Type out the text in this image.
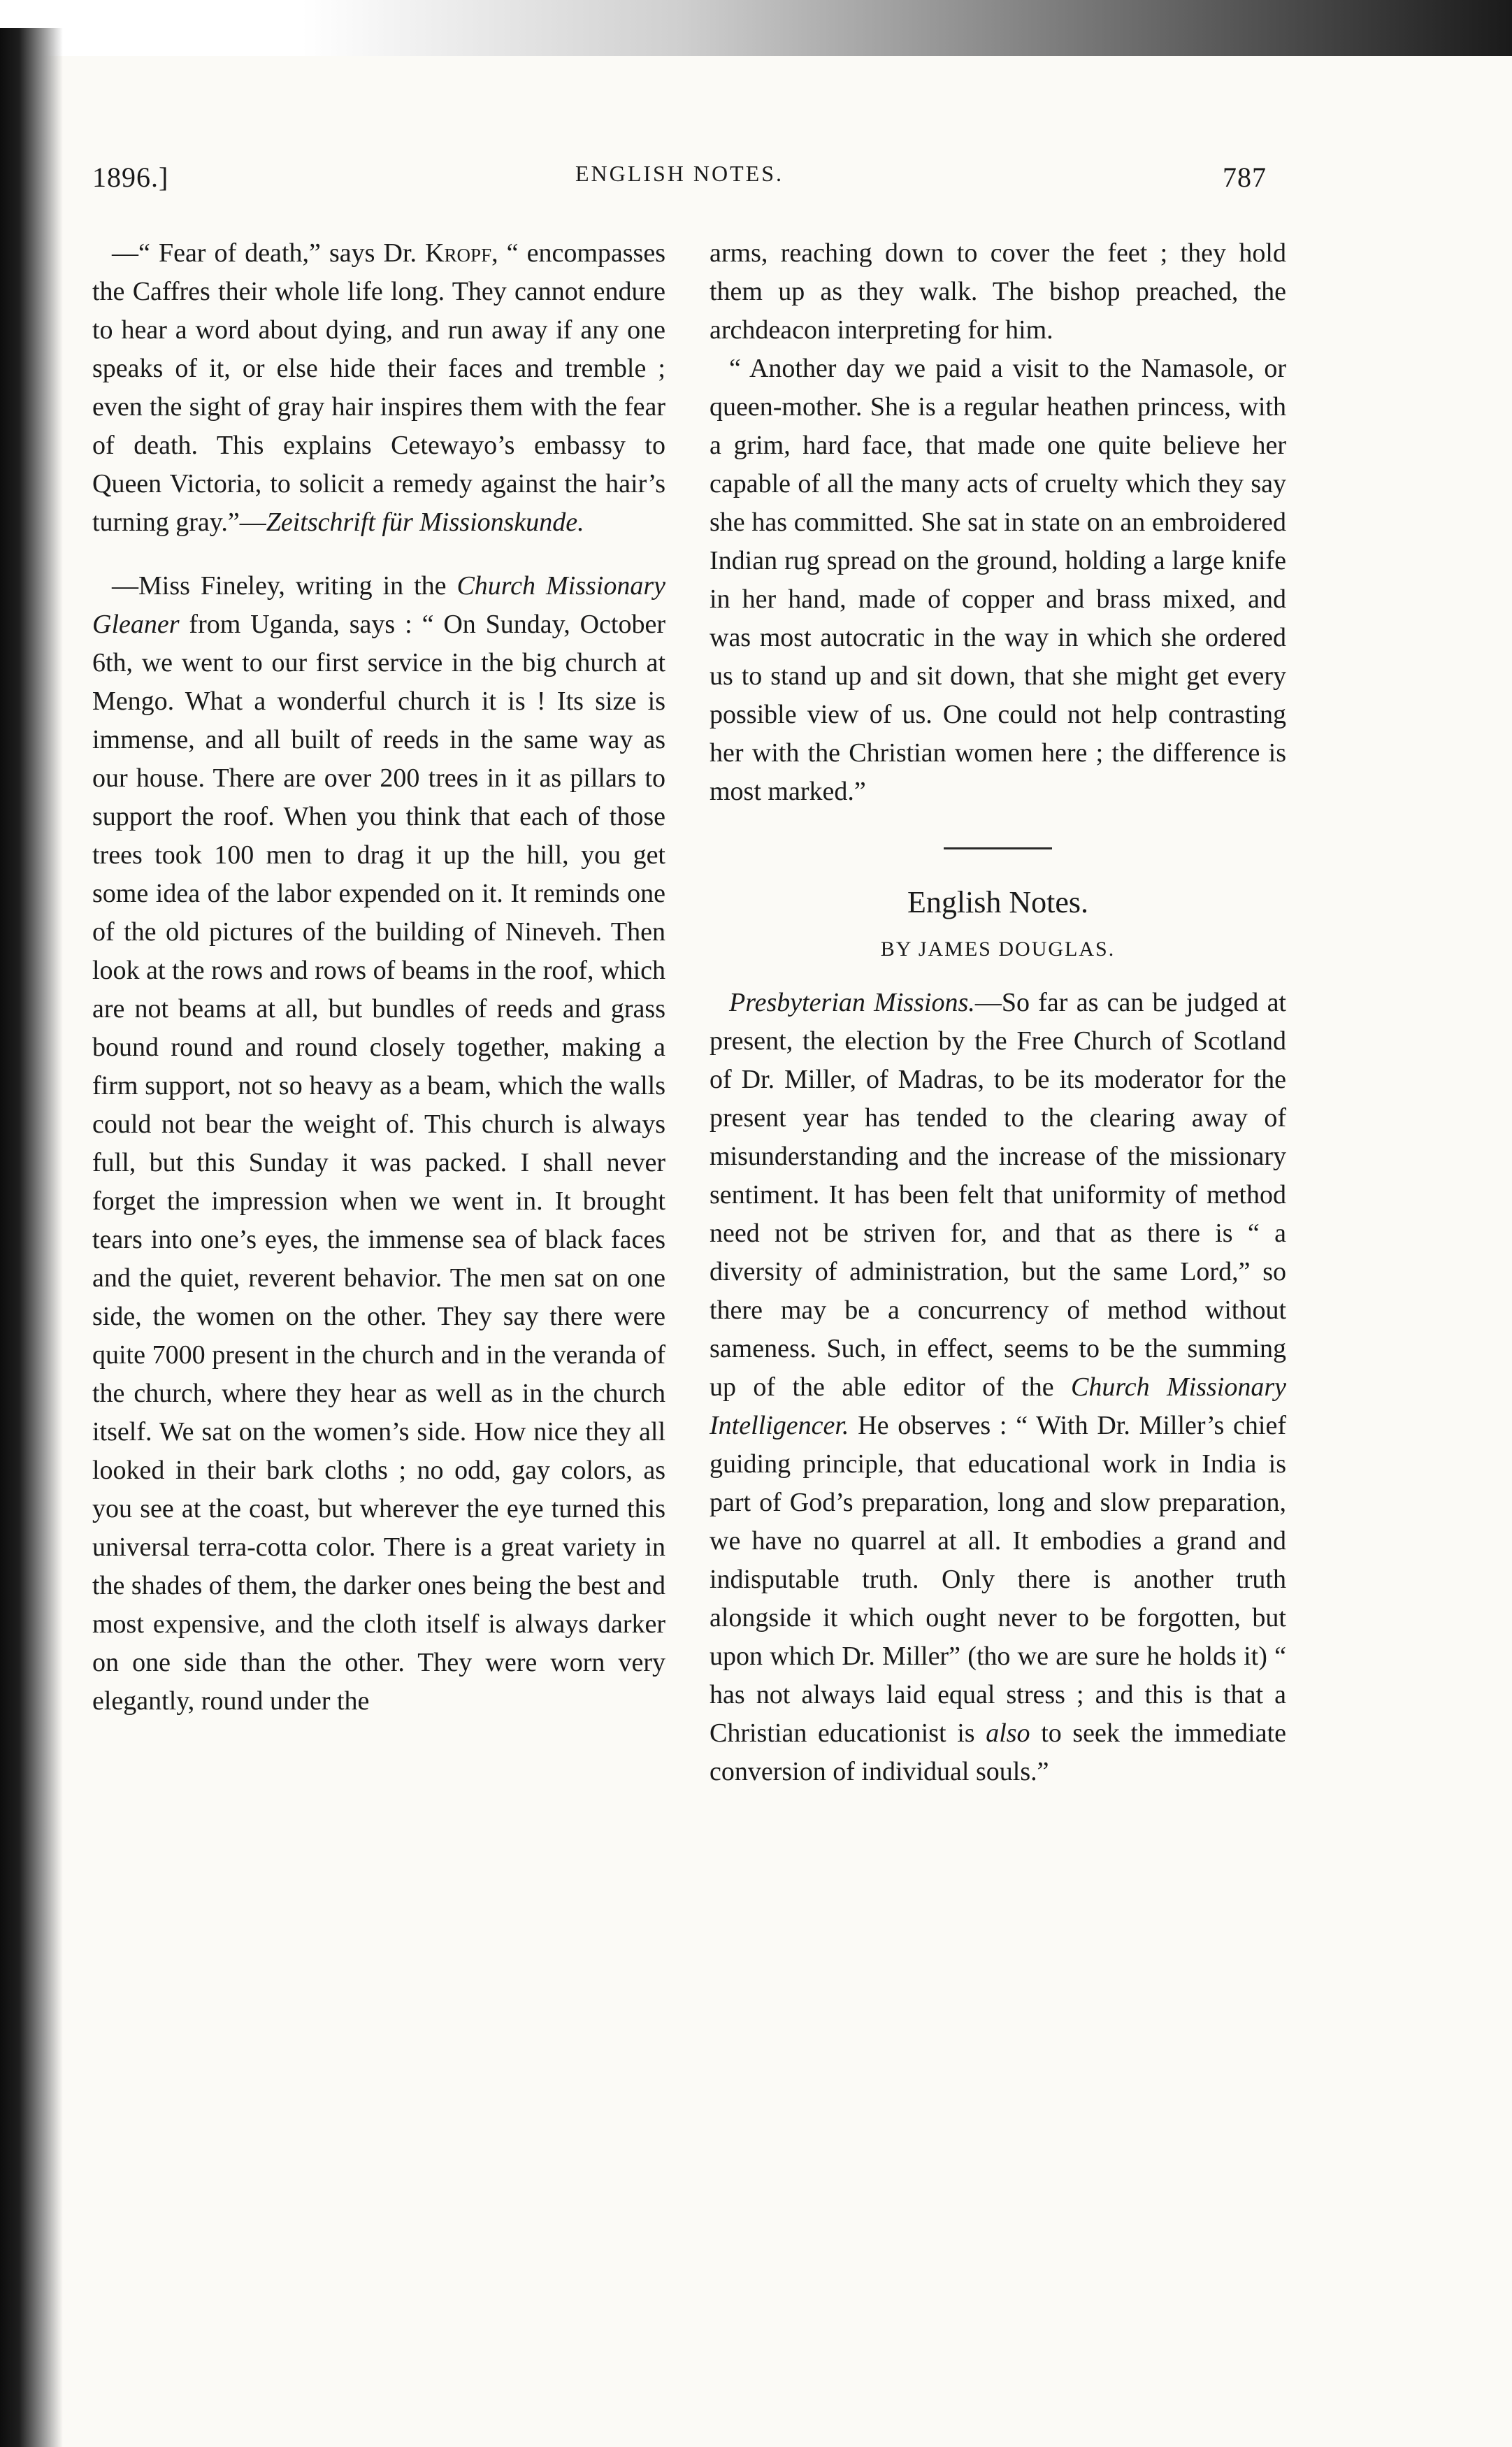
1896.]	ENGLISH NOTES.	787

—“ Fear of death,” says Dr. Kropf, “ encompasses the Caffres their whole life long. They cannot endure to hear a word about dying, and run away if any one speaks of it, or else hide their faces and tremble ; even the sight of gray hair inspires them with the fear of death. This explains Cetewayo’s embassy to Queen Victoria, to solicit a remedy against the hair’s turning gray.”—Zeitschrift für Missionskunde.

—Miss Fineley, writing in the Church Missionary Gleaner from Uganda, says : “ On Sunday, October 6th, we went to our first service in the big church at Mengo. What a wonderful church it is ! Its size is immense, and all built of reeds in the same way as our house. There are over 200 trees in it as pillars to support the roof. When you think that each of those trees took 100 men to drag it up the hill, you get some idea of the labor expended on it. It reminds one of the old pictures of the building of Nineveh. Then look at the rows and rows of beams in the roof, which are not beams at all, but bundles of reeds and grass bound round and round closely together, making a firm support, not so heavy as a beam, which the walls could not bear the weight of. This church is always full, but this Sunday it was packed. I shall never forget the impression when we went in. It brought tears into one’s eyes, the immense sea of black faces and the quiet, reverent behavior. The men sat on one side, the women on the other. They say there were quite 7000 present in the church and in the veranda of the church, where they hear as well as in the church itself. We sat on the women’s side. How nice they all looked in their bark cloths ; no odd, gay colors, as you see at the coast, but wherever the eye turned this universal terra-cotta color. There is a great variety in the shades of them, the darker ones being the best and most expensive, and the cloth itself is always darker on one side than the other. They were worn very elegantly, round under the

arms, reaching down to cover the feet ; they hold them up as they walk. The bishop preached, the archdeacon interpreting for him.

“ Another day we paid a visit to the Namasole, or queen-mother. She is a regular heathen princess, with a grim, hard face, that made one quite believe her capable of all the many acts of cruelty which they say she has committed. She sat in state on an embroidered Indian rug spread on the ground, holding a large knife in her hand, made of copper and brass mixed, and was most autocratic in the way in which she ordered us to stand up and sit down, that she might get every possible view of us. One could not help contrasting her with the Christian women here ; the difference is most marked.”

English Notes.
BY JAMES DOUGLAS.

Presbyterian Missions.—So far as can be judged at present, the election by the Free Church of Scotland of Dr. Miller, of Madras, to be its moderator for the present year has tended to the clearing away of misunderstanding and the increase of the missionary sentiment. It has been felt that uniformity of method need not be striven for, and that as there is “ a diversity of administration, but the same Lord,” so there may be a concurrency of method without sameness. Such, in effect, seems to be the summing up of the able editor of the Church Missionary Intelligencer. He observes : “ With Dr. Miller’s chief guiding principle, that educational work in India is part of God’s preparation, long and slow preparation, we have no quarrel at all. It embodies a grand and indisputable truth. Only there is another truth alongside it which ought never to be forgotten, but upon which Dr. Miller” (tho we are sure he holds it) “ has not always laid equal stress ; and this is that a Christian educationist is also to seek the immediate conversion of individual souls.”
